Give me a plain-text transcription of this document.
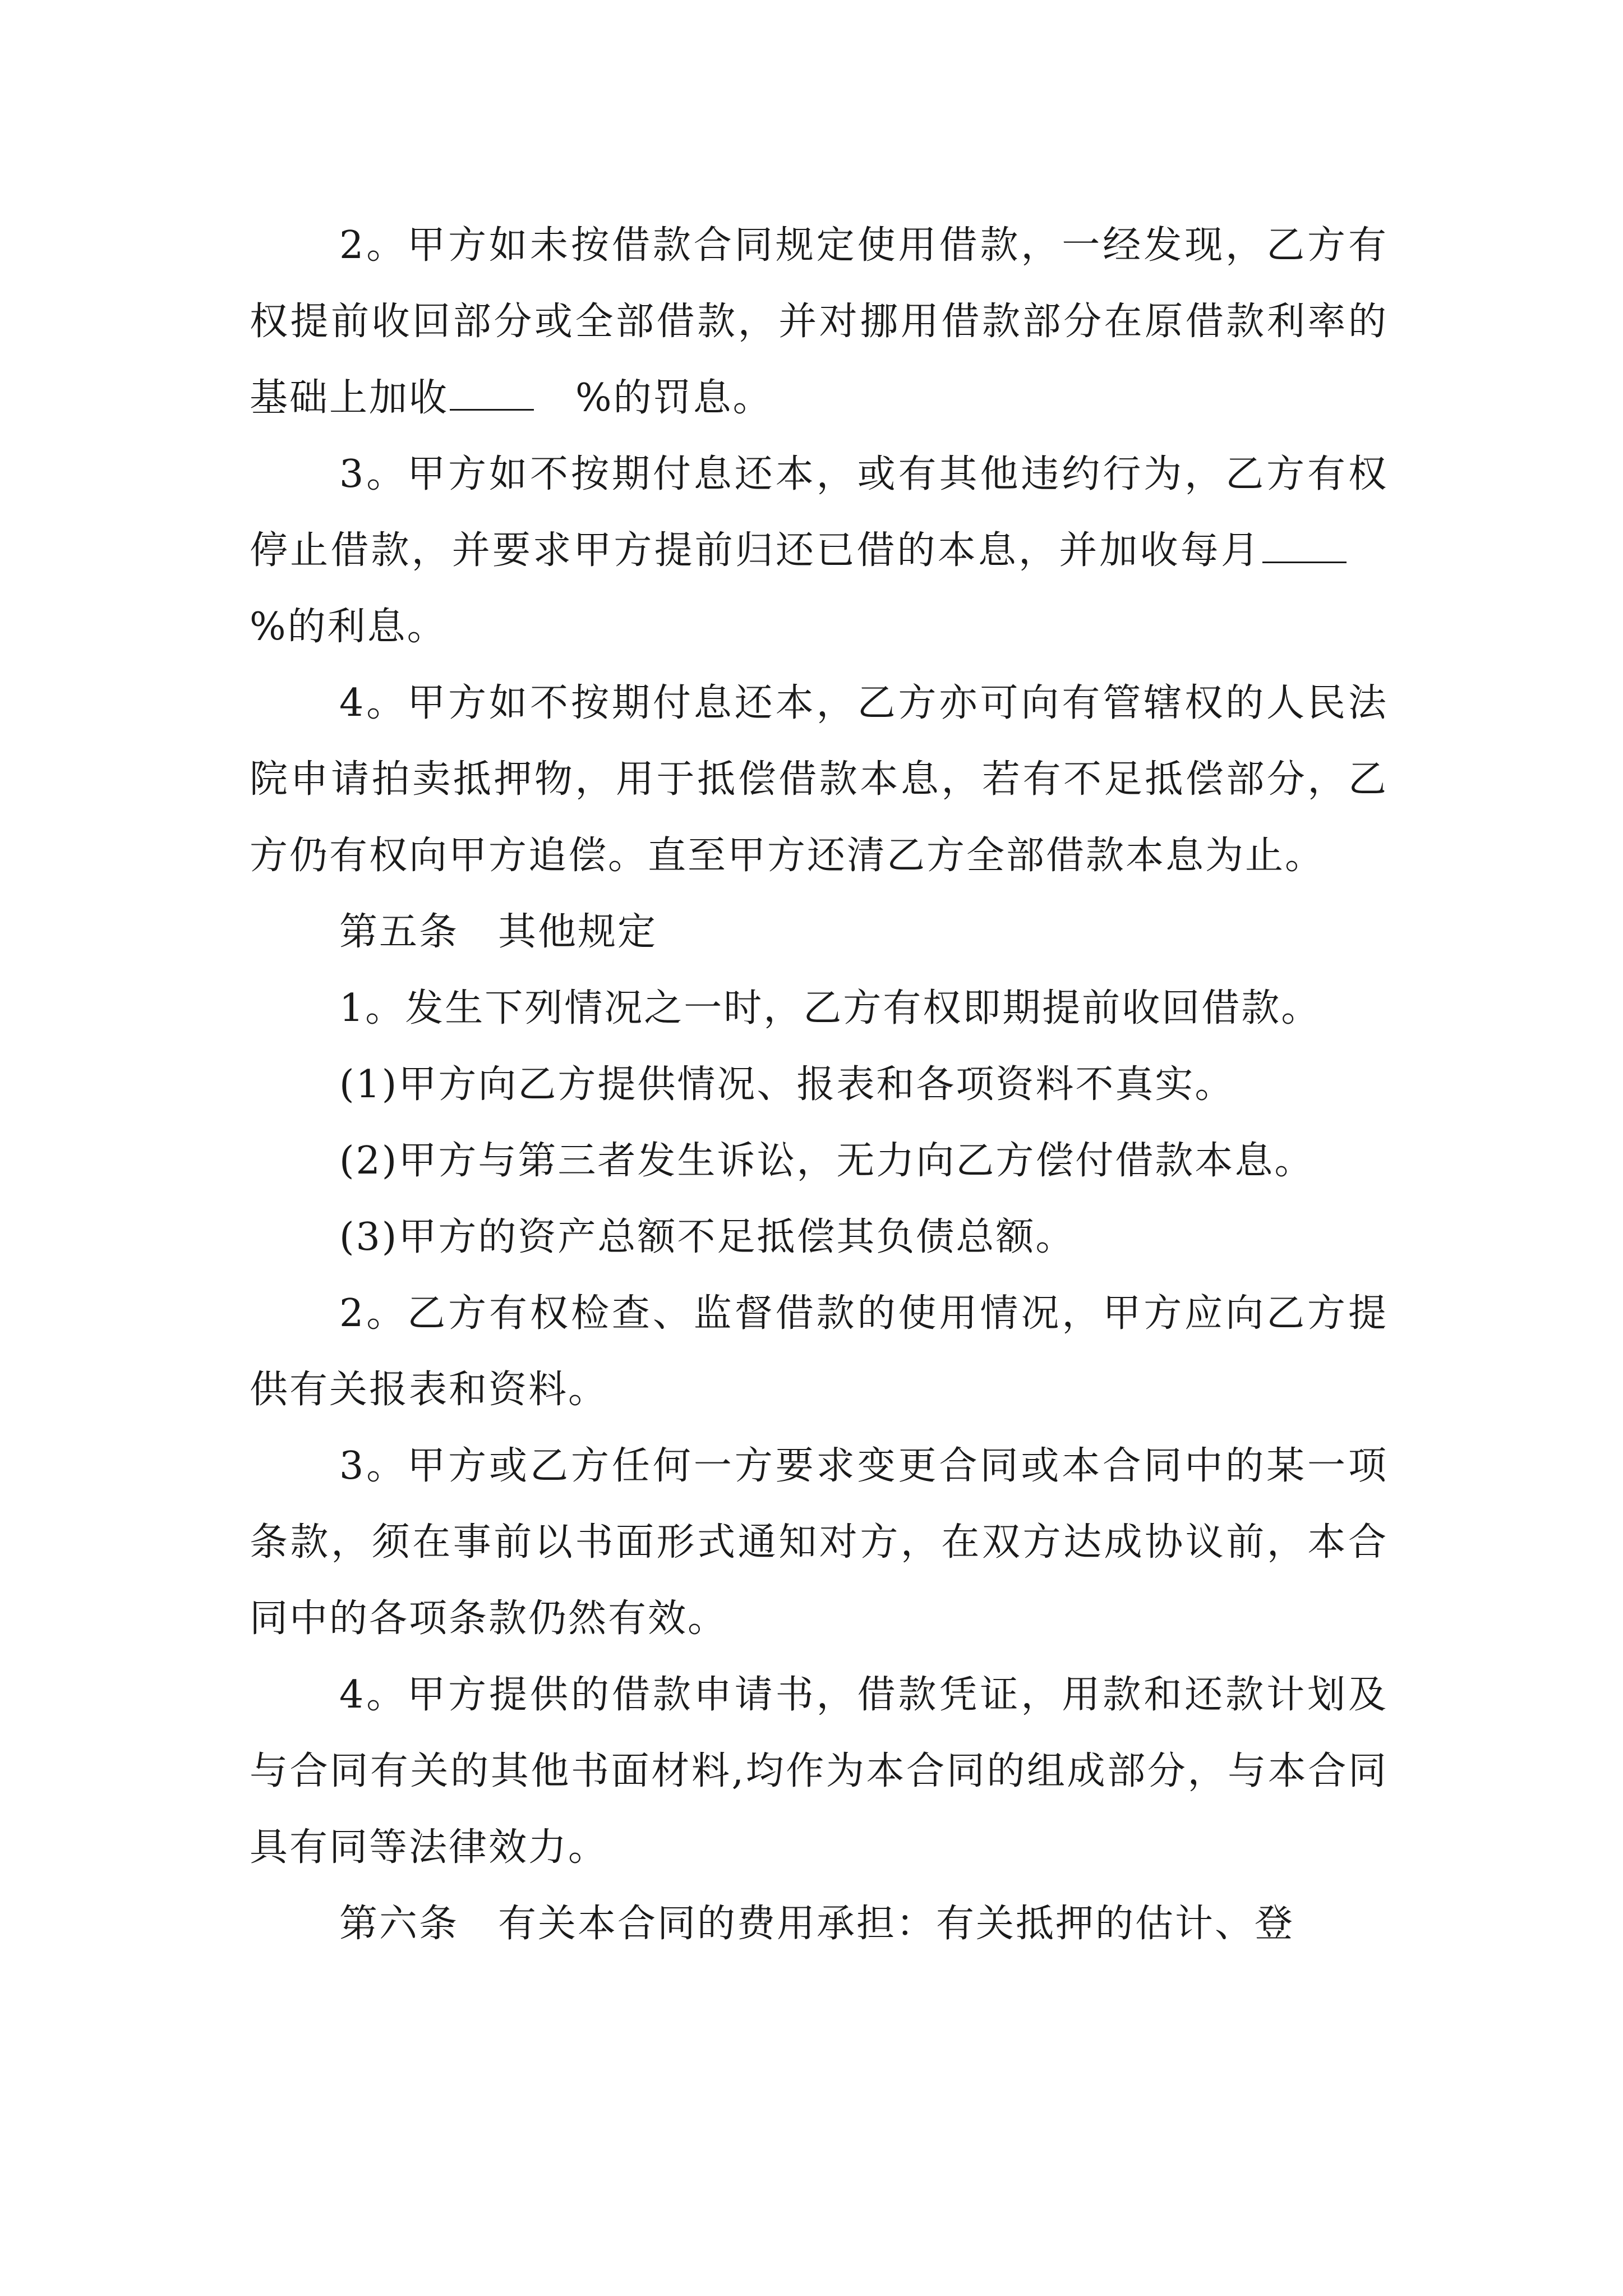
2。甲方如未按借款合同规定使用借款，一经发现，乙方有权提前收回部分或全部借款，并对挪用借款部分在原借款利率的基础上加收	%的罚息。

3。甲方如不按期付息还本，或有其他违约行为，乙方有权停止借款，并要求甲方提前归还已借的本息，并加收每月%的利息。

4。甲方如不按期付息还本，乙方亦可向有管辖权的人民法院申请拍卖抵押物，用于抵偿借款本息，若有不足抵偿部分，乙方仍有权向甲方追偿。直至甲方还清乙方全部借款本息为止。

第五条 其他规定

1。发生下列情况之一时，乙方有权即期提前收回借款。

(1)甲方向乙方提供情况、报表和各项资料不真实。

(2)甲方与第三者发生诉讼，无力向乙方偿付借款本息。

(3)甲方的资产总额不足抵偿其负债总额。

2。乙方有权检查、监督借款的使用情况，甲方应向乙方提供有关报表和资料。

3。甲方或乙方任何一方要求变更合同或本合同中的某一项条款，须在事前以书面形式通知对方，在双方达成协议前，本合同中的各项条款仍然有效。

4。甲方提供的借款申请书，借款凭证，用款和还款计划及与合同有关的其他书面材料,均作为本合同的组成部分，与本合同具有同等法律效力。

第六条 有关本合同的费用承担：有关抵押的估计、登
